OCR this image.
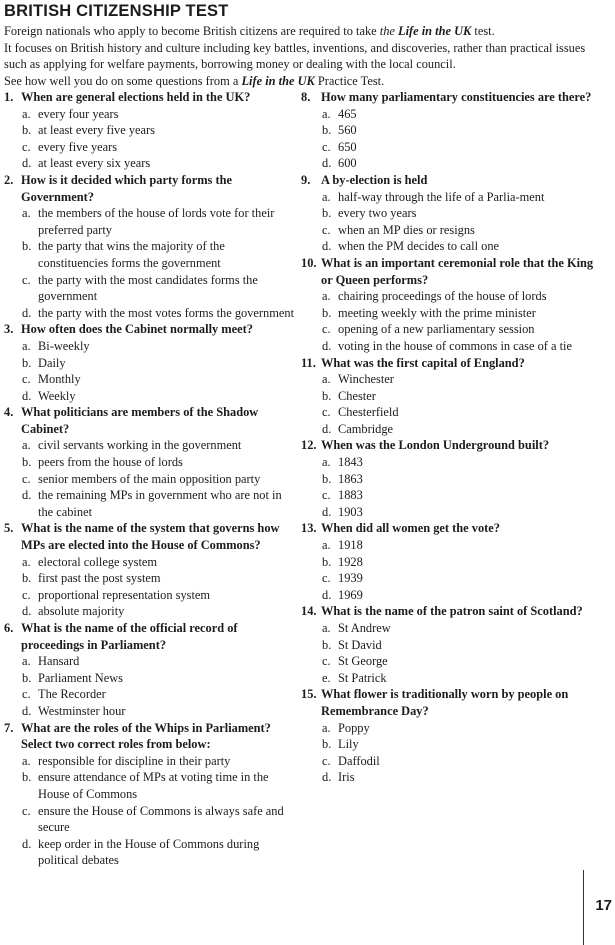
BRITISH CITIZENSHIP TEST

Foreign nationals who apply to become British citizens are required to take the Life in the UK test.

It focuses on British history and culture including key battles, inventions, and discoveries, rather than practical issues such as applying for welfare payments, borrowing money or dealing with the local council.

See how well you do on some questions from a Life in the UK Practice Test.

1. When are general elections held in the UK?
a. every four years
b. at least every five years
c. every five years
d. at least every six years
2. How is it decided which party forms the Government?
a. the members of the house of lords vote for their preferred party
b. the party that wins the majority of the constituencies forms the government
c. the party with the most candidates forms the government
d. the party with the most votes forms the government
3. How often does the Cabinet normally meet?
a. Bi-weekly
b. Daily
c. Monthly
d. Weekly
4. What politicians are members of the Shadow Cabinet?
a. civil servants working in the government
b. peers from the house of lords
c. senior members of the main opposition party
d. the remaining MPs in government who are not in the cabinet
5. What is the name of the system that governs how MPs are elected into the House of Commons?
a. electoral college system
b. first past the post system
c. proportional representation system
d. absolute majority
6. What is the name of the official record of proceedings in Parliament?
a. Hansard
b. Parliament News
c. The Recorder
d. Westminster hour
7. What are the roles of the Whips in Parliament? Select two correct roles from below:
a. responsible for discipline in their party
b. ensure attendance of MPs at voting time in the House of Commons
c. ensure the House of Commons is always safe and secure
d. keep order in the House of Commons during political debates
8. How many parliamentary constituencies are there?
a. 465
b. 560
c. 650
d. 600
9. A by-election is held
a. half-way through the life of a Parlia-ment
b. every two years
c. when an MP dies or resigns
d. when the PM decides to call one
10. What is an important ceremonial role that the King or Queen performs?
a. chairing proceedings of the house of lords
b. meeting weekly with the prime minister
c. opening of a new parliamentary session
d. voting in the house of commons in case of a tie
11. What was the first capital of England?
a. Winchester
b. Chester
c. Chesterfield
d. Cambridge
12. When was the London Underground built?
a. 1843
b. 1863
c. 1883
d. 1903
13. When did all women get the vote?
a. 1918
b. 1928
c. 1939
d. 1969
14. What is the name of the patron saint of Scotland?
a. St Andrew
b. St David
c. St George
e. St Patrick
15. What flower is traditionally worn by people on Remembrance Day?
a. Poppy
b. Lily
c. Daffodil
d. Iris
17
